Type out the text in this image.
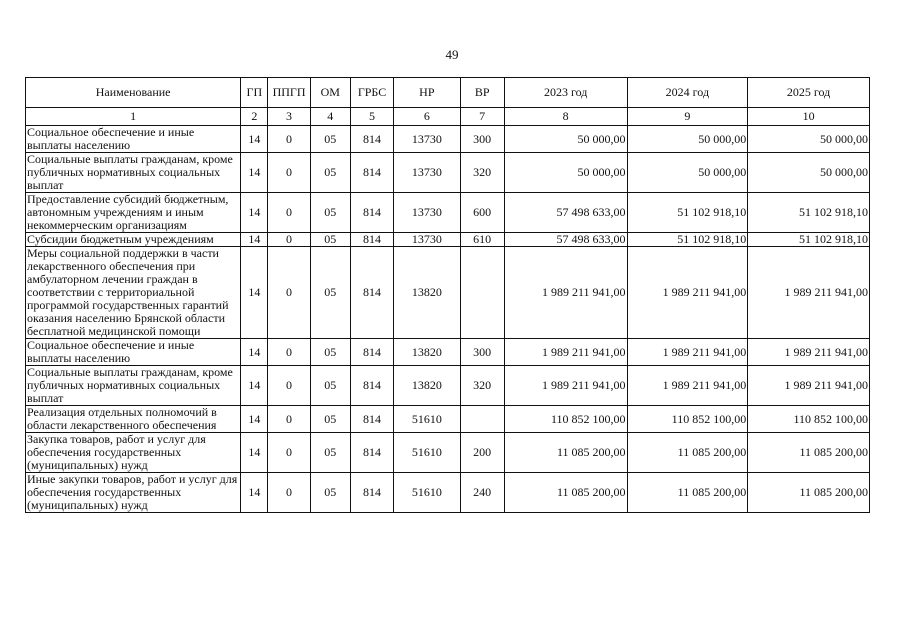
49
Наименование	ГП	ППГП	ОМ	ГРБС	НР	ВР	2023 год	2024 год	2025 год
1	2	3	4	5	6	7	8	9	10
Социальное обеспечение и иные выплаты населению	14	0	05	814	13730	300	50 000,00	50 000,00	50 000,00
Социальные выплаты гражданам, кроме публичных нормативных социальных выплат	14	0	05	814	13730	320	50 000,00	50 000,00	50 000,00
Предоставление субсидий бюджетным, автономным учреждениям и иным некоммерческим организациям	14	0	05	814	13730	600	57 498 633,00	51 102 918,10	51 102 918,10
Субсидии бюджетным учреждениям	14	0	05	814	13730	610	57 498 633,00	51 102 918,10	51 102 918,10
Меры социальной поддержки в части лекарственного обеспечения при амбулаторном лечении граждан в соответствии с территориальной программой государственных гарантий оказания населению Брянской области бесплатной медицинской помощи	14	0	05	814	13820		1 989 211 941,00	1 989 211 941,00	1 989 211 941,00
Социальное обеспечение и иные выплаты населению	14	0	05	814	13820	300	1 989 211 941,00	1 989 211 941,00	1 989 211 941,00
Социальные выплаты гражданам, кроме публичных нормативных социальных выплат	14	0	05	814	13820	320	1 989 211 941,00	1 989 211 941,00	1 989 211 941,00
Реализация отдельных полномочий в области лекарственного обеспечения	14	0	05	814	51610		110 852 100,00	110 852 100,00	110 852 100,00
Закупка товаров, работ и услуг для обеспечения государственных (муниципальных) нужд	14	0	05	814	51610	200	11 085 200,00	11 085 200,00	11 085 200,00
Иные закупки товаров, работ и услуг для обеспечения государственных (муниципальных) нужд	14	0	05	814	51610	240	11 085 200,00	11 085 200,00	11 085 200,00
